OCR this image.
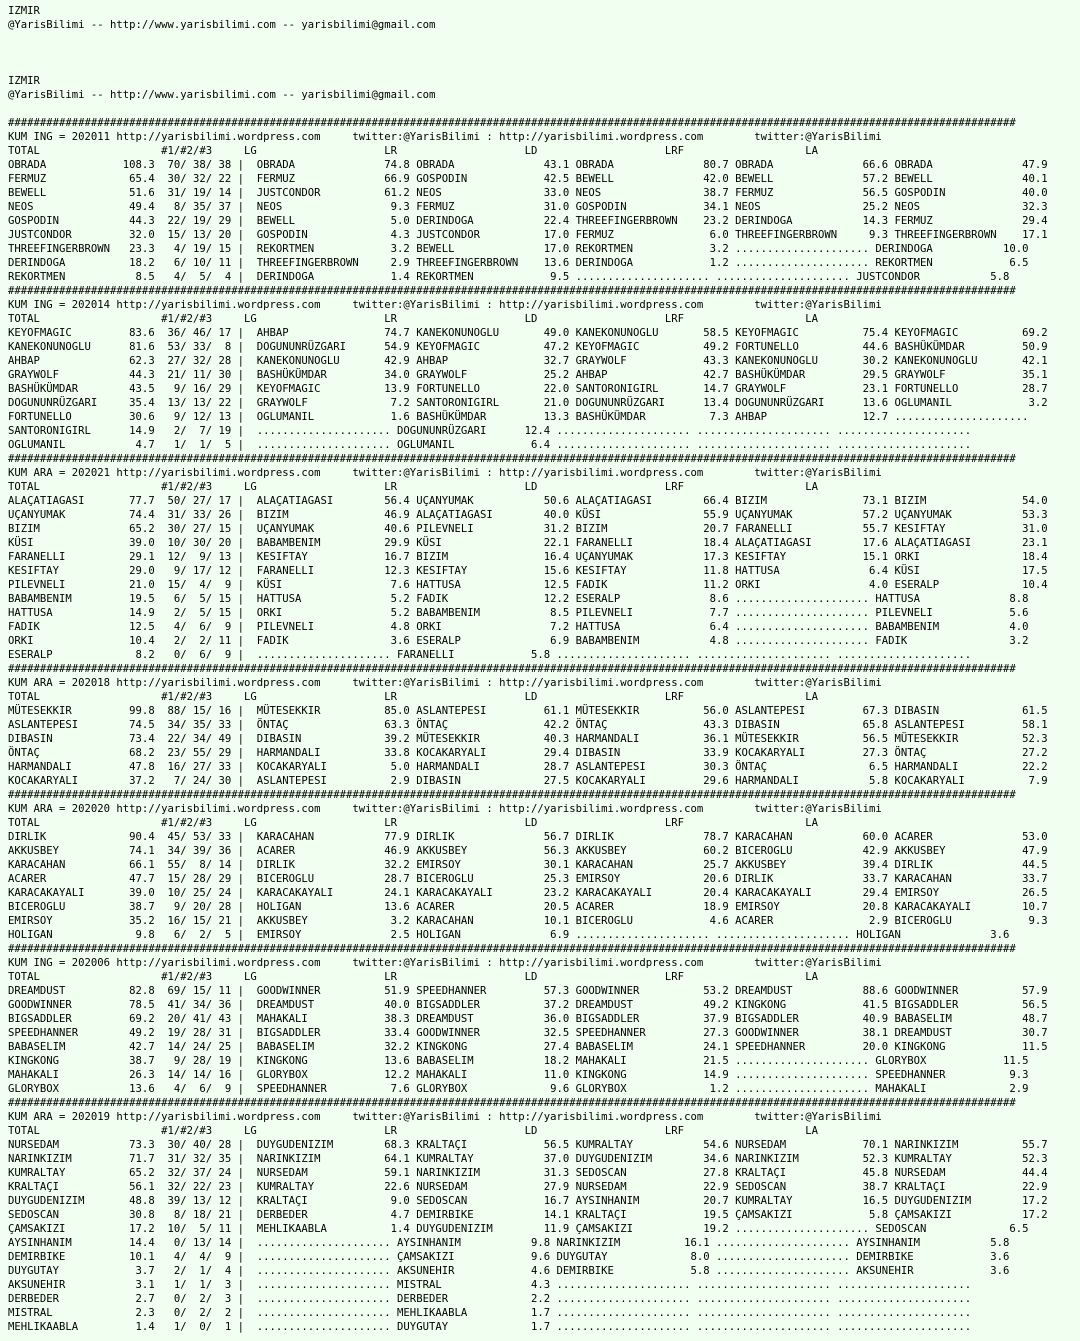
IZMIR
@YarisBilimi -- http://www.yarisbilimi.com -- yarisbilimi@gmail.com
IZMIR
@YarisBilimi -- http://www.yarisbilimi.com -- yarisbilimi@gmail.com
##############################################################################################################################################################
KUM ING = 202011 http://yarisbilimi.wordpress.com     twitter:@YarisBilimi : http://yarisbilimi.wordpress.com        twitter:@YarisBilimi
TOTAL                   #1/#2/#3     LG                    LR                    LD                    LRF                   LA
OBRADA            108.3  70/ 38/ 38 |  OBRADA              74.8 OBRADA              43.1 OBRADA              80.7 OBRADA              66.6 OBRADA              47.9
FERMUZ             65.4  30/ 32/ 22 |  FERMUZ              66.9 GOSPODIN            42.5 BEWELL              42.0 BEWELL              57.2 BEWELL              40.1
BEWELL             51.6  31/ 19/ 14 |  JUSTCONDOR          61.2 NEOS                33.0 NEOS                38.7 FERMUZ              56.5 GOSPODIN            40.0
NEOS               49.4   8/ 35/ 37 |  NEOS                 9.3 FERMUZ              31.0 GOSPODIN            34.1 NEOS                25.2 NEOS                32.3
GOSPODIN           44.3  22/ 19/ 29 |  BEWELL               5.0 DERINDOGA           22.4 THREEFINGERBROWN    23.2 DERINDOGA           14.3 FERMUZ              29.4
JUSTCONDOR         32.0  15/ 13/ 20 |  GOSPODIN             4.3 JUSTCONDOR          17.0 FERMUZ               6.0 THREEFINGERBROWN     9.3 THREEFINGERBROWN    17.1
THREEFINGERBROWN   23.3   4/ 19/ 15 |  REKORTMEN            3.2 BEWELL              17.0 REKORTMEN            3.2 ..................... DERINDOGA           10.0
DERINDOGA          18.2   6/ 10/ 11 |  THREEFINGERBROWN     2.9 THREEFINGERBROWN    13.6 DERINDOGA            1.2 ..................... REKORTMEN            6.5
REKORTMEN           8.5   4/  5/  4 |  DERINDOGA            1.4 REKORTMEN            9.5 ..................... ..................... JUSTCONDOR           5.8
##############################################################################################################################################################
KUM ING = 202014 http://yarisbilimi.wordpress.com     twitter:@YarisBilimi : http://yarisbilimi.wordpress.com        twitter:@YarisBilimi
TOTAL                   #1/#2/#3     LG                    LR                    LD                    LRF                   LA
KEYOFMAGIC         83.6  36/ 46/ 17 |  AHBAP               74.7 KANEKONUNOGLU       49.0 KANEKONUNOGLU       58.5 KEYOFMAGIC          75.4 KEYOFMAGIC          69.2
KANEKONUNOGLU      81.6  53/ 33/  8 |  DOGUNUNRÜZGARI      54.9 KEYOFMAGIC          47.2 KEYOFMAGIC          49.2 FORTUNELLO          44.6 BASHÜKÜMDAR         50.9
AHBAP              62.3  27/ 32/ 28 |  KANEKONUNOGLU       42.9 AHBAP               32.7 GRAYWOLF            43.3 KANEKONUNOGLU       30.2 KANEKONUNOGLU       42.1
GRAYWOLF           44.3  21/ 11/ 30 |  BASHÜKÜMDAR         34.0 GRAYWOLF            25.2 AHBAP               42.7 BASHÜKÜMDAR         29.5 GRAYWOLF            35.1
BASHÜKÜMDAR        43.5   9/ 16/ 29 |  KEYOFMAGIC          13.9 FORTUNELLO          22.0 SANTORONIGIRL       14.7 GRAYWOLF            23.1 FORTUNELLO          28.7
DOGUNUNRÜZGARI     35.4  13/ 13/ 22 |  GRAYWOLF             7.2 SANTORONIGIRL       21.0 DOGUNUNRÜZGARI      13.4 DOGUNUNRÜZGARI      13.6 OGLUMANIL            3.2
FORTUNELLO         30.6   9/ 12/ 13 |  OGLUMANIL            1.6 BASHÜKÜMDAR         13.3 BASHÜKÜMDAR          7.3 AHBAP               12.7 .....................
SANTORONIGIRL      14.9   2/  7/ 19 |  ..................... DOGUNUNRÜZGARI      12.4 ..................... ..................... .....................
OGLUMANIL           4.7   1/  1/  5 |  ..................... OGLUMANIL            6.4 ..................... ..................... .....................
##############################################################################################################################################################
KUM ARA = 202021 http://yarisbilimi.wordpress.com     twitter:@YarisBilimi : http://yarisbilimi.wordpress.com        twitter:@YarisBilimi
TOTAL                   #1/#2/#3     LG                    LR                    LD                    LRF                   LA
ALAÇATIAGASI       77.7  50/ 27/ 17 |  ALAÇATIAGASI        56.4 UÇANYUMAK           50.6 ALAÇATIAGASI        66.4 BIZIM               73.1 BIZIM               54.0
UÇANYUMAK          74.4  31/ 33/ 26 |  BIZIM               46.9 ALAÇATIAGASI        40.0 KÜSI                55.9 UÇANYUMAK           57.2 UÇANYUMAK           53.3
BIZIM              65.2  30/ 27/ 15 |  UÇANYUMAK           40.6 PILEVNELI           31.2 BIZIM               20.7 FARANELLI           55.7 KESIFTAY            31.0
KÜSI               39.0  10/ 30/ 20 |  BABAMBENIM          29.9 KÜSI                22.1 FARANELLI           18.4 ALAÇATIAGASI        17.6 ALAÇATIAGASI        23.1
FARANELLI          29.1  12/  9/ 13 |  KESIFTAY            16.7 BIZIM               16.4 UÇANYUMAK           17.3 KESIFTAY            15.1 ORKI                18.4
KESIFTAY           29.0   9/ 17/ 12 |  FARANELLI           12.3 KESIFTAY            15.6 KESIFTAY            11.8 HATTUSA              6.4 KÜSI                17.5
PILEVNELI          21.0  15/  4/  9 |  KÜSI                 7.6 HATTUSA             12.5 FADIK               11.2 ORKI                 4.0 ESERALP             10.4
BABAMBENIM         19.5   6/  5/ 15 |  HATTUSA              5.2 FADIK               12.2 ESERALP              8.6 ..................... HATTUSA              8.8
HATTUSA            14.9   2/  5/ 15 |  ORKI                 5.2 BABAMBENIM           8.5 PILEVNELI            7.7 ..................... PILEVNELI            5.6
FADIK              12.5   4/  6/  9 |  PILEVNELI            4.8 ORKI                 7.2 HATTUSA              6.4 ..................... BABAMBENIM           4.0
ORKI               10.4   2/  2/ 11 |  FADIK                3.6 ESERALP              6.9 BABAMBENIM           4.8 ..................... FADIK                3.2
ESERALP             8.2   0/  6/  9 |  ..................... FARANELLI            5.8 ..................... ..................... .....................
##############################################################################################################################################################
KUM ARA = 202018 http://yarisbilimi.wordpress.com     twitter:@YarisBilimi : http://yarisbilimi.wordpress.com        twitter:@YarisBilimi
TOTAL                   #1/#2/#3     LG                    LR                    LD                    LRF                   LA
MÜTESEKKIR         99.8  88/ 15/ 16 |  MÜTESEKKIR          85.0 ASLANTEPESI         61.1 MÜTESEKKIR          56.0 ASLANTEPESI         67.3 DIBASIN             61.5
ASLANTEPESI        74.5  34/ 35/ 33 |  ÖNTAÇ               63.3 ÖNTAÇ               42.2 ÖNTAÇ               43.3 DIBASIN             65.8 ASLANTEPESI         58.1
DIBASIN            73.4  22/ 34/ 49 |  DIBASIN             39.2 MÜTESEKKIR          40.3 HARMANDALI          36.1 MÜTESEKKIR          56.5 MÜTESEKKIR          52.3
ÖNTAÇ              68.2  23/ 55/ 29 |  HARMANDALI          33.8 KOCAKARYALI         29.4 DIBASIN             33.9 KOCAKARYALI         27.3 ÖNTAÇ               27.2
HARMANDALI         47.8  16/ 27/ 33 |  KOCAKARYALI          5.0 HARMANDALI          28.7 ASLANTEPESI         30.3 ÖNTAÇ                6.5 HARMANDALI          22.2
KOCAKARYALI        37.2   7/ 24/ 30 |  ASLANTEPESI          2.9 DIBASIN             27.5 KOCAKARYALI         29.6 HARMANDALI           5.8 KOCAKARYALI          7.9
##############################################################################################################################################################
KUM ARA = 202020 http://yarisbilimi.wordpress.com     twitter:@YarisBilimi : http://yarisbilimi.wordpress.com        twitter:@YarisBilimi
TOTAL                   #1/#2/#3     LG                    LR                    LD                    LRF                   LA
DIRLIK             90.4  45/ 53/ 33 |  KARACAHAN           77.9 DIRLIK              56.7 DIRLIK              78.7 KARACAHAN           60.0 ACARER              53.0
AKKUSBEY           74.1  34/ 39/ 36 |  ACARER              46.9 AKKUSBEY            56.3 AKKUSBEY            60.2 BICEROGLU           42.9 AKKUSBEY            47.9
KARACAHAN          66.1  55/  8/ 14 |  DIRLIK              32.2 EMIRSOY             30.1 KARACAHAN           25.7 AKKUSBEY            39.4 DIRLIK              44.5
ACARER             47.7  15/ 28/ 29 |  BICEROGLU           28.7 BICEROGLU           25.3 EMIRSOY             20.6 DIRLIK              33.7 KARACAHAN           33.7
KARACAKAYALI       39.0  10/ 25/ 24 |  KARACAKAYALI        24.1 KARACAKAYALI        23.2 KARACAKAYALI        20.4 KARACAKAYALI        29.4 EMIRSOY             26.5
BICEROGLU          38.7   9/ 20/ 28 |  HOLIGAN             13.6 ACARER              20.5 ACARER              18.9 EMIRSOY             20.8 KARACAKAYALI        10.7
EMIRSOY            35.2  16/ 15/ 21 |  AKKUSBEY             3.2 KARACAHAN           10.1 BICEROGLU            4.6 ACARER               2.9 BICEROGLU            9.3
HOLIGAN             9.8   6/  2/  5 |  EMIRSOY              2.5 HOLIGAN              6.9 ..................... ..................... HOLIGAN              3.6
##############################################################################################################################################################
KUM ING = 202006 http://yarisbilimi.wordpress.com     twitter:@YarisBilimi : http://yarisbilimi.wordpress.com        twitter:@YarisBilimi
TOTAL                   #1/#2/#3     LG                    LR                    LD                    LRF                   LA
DREAMDUST          82.8  69/ 15/ 11 |  GOODWINNER          51.9 SPEEDHANNER         57.3 GOODWINNER          53.2 DREAMDUST           88.6 GOODWINNER          57.9
GOODWINNER         78.5  41/ 34/ 36 |  DREAMDUST           40.0 BIGSADDLER          37.2 DREAMDUST           49.2 KINGKONG            41.5 BIGSADDLER          56.5
BIGSADDLER         69.2  20/ 41/ 43 |  MAHAKALI            38.3 DREAMDUST           36.0 BIGSADDLER          37.9 BIGSADDLER          40.9 BABASELIM           48.7
SPEEDHANNER        49.2  19/ 28/ 31 |  BIGSADDLER          33.4 GOODWINNER          32.5 SPEEDHANNER         27.3 GOODWINNER          38.1 DREAMDUST           30.7
BABASELIM          42.7  14/ 24/ 25 |  BABASELIM           32.2 KINGKONG            27.4 BABASELIM           24.1 SPEEDHANNER         20.0 KINGKONG            11.5
KINGKONG           38.7   9/ 28/ 19 |  KINGKONG            13.6 BABASELIM           18.2 MAHAKALI            21.5 ..................... GLORYBOX            11.5
MAHAKALI           26.3  14/ 14/ 16 |  GLORYBOX            12.2 MAHAKALI            11.0 KINGKONG            14.9 ..................... SPEEDHANNER          9.3
GLORYBOX           13.6   4/  6/  9 |  SPEEDHANNER          7.6 GLORYBOX             9.6 GLORYBOX             1.2 ..................... MAHAKALI             2.9
##############################################################################################################################################################
KUM ARA = 202019 http://yarisbilimi.wordpress.com     twitter:@YarisBilimi : http://yarisbilimi.wordpress.com        twitter:@YarisBilimi
TOTAL                   #1/#2/#3     LG                    LR                    LD                    LRF                   LA
NURSEDAM           73.3  30/ 40/ 28 |  DUYGUDENIZIM        68.3 KRALTAÇI            56.5 KUMRALTAY           54.6 NURSEDAM            70.1 NARINKIZIM          55.7
NARINKIZIM         71.7  31/ 32/ 35 |  NARINKIZIM          64.1 KUMRALTAY           37.0 DUYGUDENIZIM        34.6 NARINKIZIM          52.3 KUMRALTAY           52.3
KUMRALTAY          65.2  32/ 37/ 24 |  NURSEDAM            59.1 NARINKIZIM          31.3 SEDOSCAN            27.8 KRALTAÇI            45.8 NURSEDAM            44.4
KRALTAÇI           56.1  32/ 22/ 23 |  KUMRALTAY           22.6 NURSEDAM            27.9 NURSEDAM            22.9 SEDOSCAN            38.7 KRALTAÇI            22.9
DUYGUDENIZIM       48.8  39/ 13/ 12 |  KRALTAÇI             9.0 SEDOSCAN            16.7 AYSINHANIM          20.7 KUMRALTAY           16.5 DUYGUDENIZIM        17.2
SEDOSCAN           30.8   8/ 18/ 21 |  DERBEDER             4.7 DEMIRBIKE           14.1 KRALTAÇI            19.5 ÇAMSAKIZI            5.8 ÇAMSAKIZI           17.2
ÇAMSAKIZI          17.2  10/  5/ 11 |  MEHLIKAABLA          1.4 DUYGUDENIZIM        11.9 ÇAMSAKIZI           19.2 ..................... SEDOSCAN             6.5
AYSINHANIM         14.4   0/ 13/ 14 |  ..................... AYSINHANIM           9.8 NARINKIZIM          16.1 ..................... AYSINHANIM           5.8
DEMIRBIKE          10.1   4/  4/  9 |  ..................... ÇAMSAKIZI            9.6 DUYGUTAY             8.0 ..................... DEMIRBIKE            3.6
DUYGUTAY            3.7   2/  1/  4 |  ..................... AKSUNEHIR            4.6 DEMIRBIKE            5.8 ..................... AKSUNEHIR            3.6
AKSUNEHIR           3.1   1/  1/  3 |  ..................... MISTRAL              4.3 ..................... ..................... .....................
DERBEDER            2.7   0/  2/  3 |  ..................... DERBEDER             2.2 ..................... ..................... .....................
MISTRAL             2.3   0/  2/  2 |  ..................... MEHLIKAABLA          1.7 ..................... ..................... .....................
MEHLIKAABLA         1.4   1/  0/  1 |  ..................... DUYGUTAY             1.7 ..................... ..................... .....................
